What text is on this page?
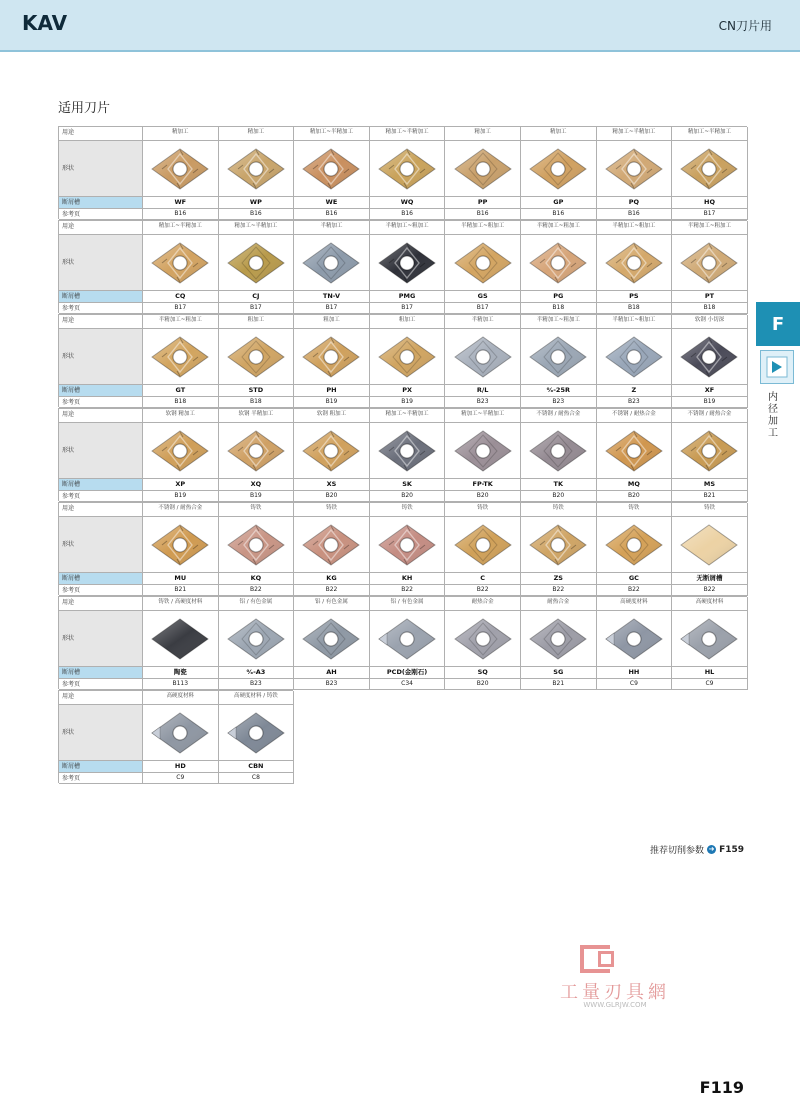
KAV	CN刀片用
适用刀片
用途
形状
断屑槽
参考页
精加工
WF
B16
精加工
WP
B16
精加工~半精加工
WE
B16
精加工~半精加工
WQ
B16
精加工
PP
B16
精加工
GP
B16
精加工~半精加工
PQ
B16
精加工~半精加工
HQ
B17
用途
形状
断屑槽
参考页
精加工~半精加工
CQ
B17
精加工~半精加工
CJ
B17
半精加工
TN-V
B17
半精加工~粗加工
PMG
B17
半精加工~粗加工
GS
B17
半精加工~粗加工
PG
B18
半精加工~粗加工
PS
B18
半精加工~粗加工
PT
B18
用途
形状
断屑槽
参考页
半精加工~粗加工
GT
B18
粗加工
STD
B18
粗加工
PH
B19
粗加工
PX
B19
半精加工
R/L
B23
半精加工~粗加工
⁰⁄ₓ-25R
B23
半精加工~粗加工
Z
B23
软钢 小切深
XF
B19
用途
形状
断屑槽
参考页
软钢 精加工
XP
B19
软钢 半精加工
XQ
B19
软钢 粗加工
XS
B20
精加工~半精加工
SK
B20
精加工~半精加工
FP-TK
B20
不锈钢 / 耐热合金
TK
B20
不锈钢 / 耐热合金
MQ
B20
不锈钢 / 耐热合金
MS
B21
用途
形状
断屑槽
参考页
不锈钢 / 耐热合金
MU
B21
铸铁
KQ
B22
铸铁
KG
B22
铸铁
KH
B22
铸铁
C
B22
铸铁
ZS
B22
铸铁
GC
B22
铸铁
无断屑槽
B22
用途
形状
断屑槽
参考页
铸铁 / 高硬度材料
陶瓷
B113
铝 / 有色金属
⁰⁄ₓ-A3
B23
铝 / 有色金属
AH
B23
铝 / 有色金属
PCD(金刚石)
C34
耐热合金
SQ
B20
耐热合金
SG
B21
高硬度材料
HH
C9
高硬度材料
HL
C9
用途
形状
断屑槽
参考页
高硬度材料
HD
C9
高硬度材料 / 铸铁
CBN
C8
F
内径加工
推荐切削参数 ➜ F159
工量刃具網
WWW.GLRJW.COM
F119
